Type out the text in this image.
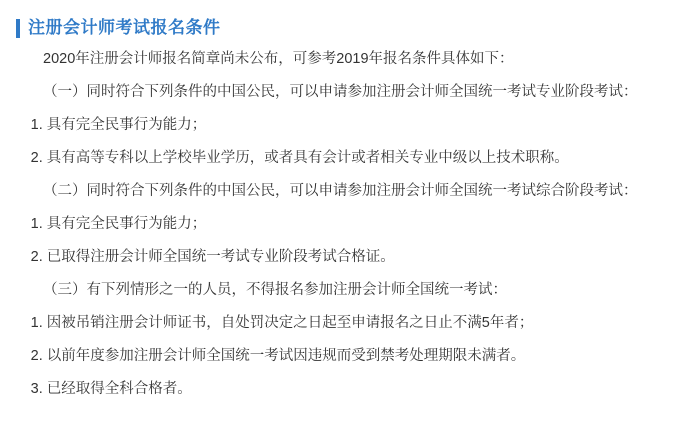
注册会计师考试报名条件

2020年注册会计师报名简章尚未公布，可参考2019年报名条件具体如下：

（一）同时符合下列条件的中国公民，可以申请参加注册会计师全国统一考试专业阶段考试：

1. 具有完全民事行为能力；

2. 具有高等专科以上学校毕业学历，或者具有会计或者相关专业中级以上技术职称。

（二）同时符合下列条件的中国公民，可以申请参加注册会计师全国统一考试综合阶段考试：

1. 具有完全民事行为能力；

2. 已取得注册会计师全国统一考试专业阶段考试合格证。

（三）有下列情形之一的人员，不得报名参加注册会计师全国统一考试：

1. 因被吊销注册会计师证书，自处罚决定之日起至申请报名之日止不满5年者；

2. 以前年度参加注册会计师全国统一考试因违规而受到禁考处理期限未满者。

3. 已经取得全科合格者。
